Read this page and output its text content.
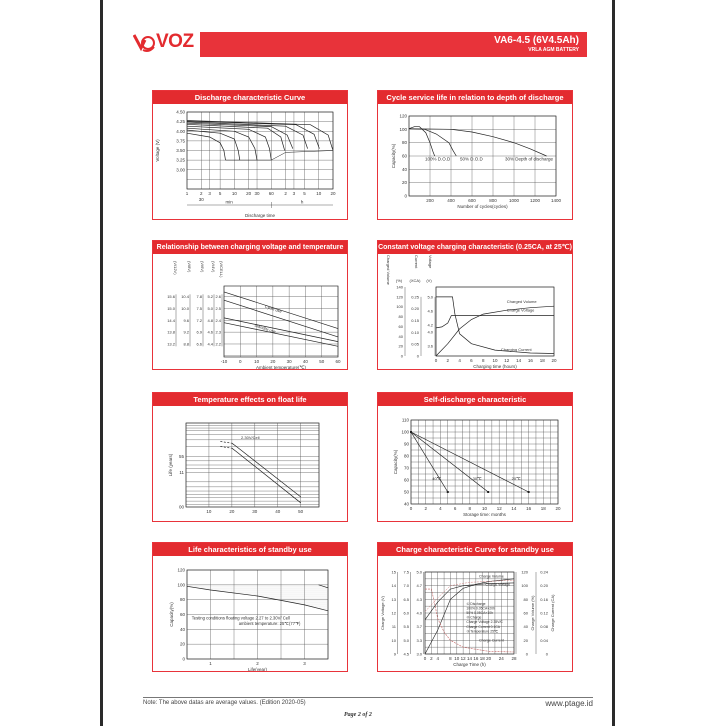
VOZ	VA6-4.5 (6V4.5Ah)
VRLA AGM BATTERY
Discharge characteristic Curve
1	2 3 5 10 20 30 60 2 3 5 10 20
4.50
4.25
4.00
3.75
3.50
3.25
3.00
Discharge time
Voltage (V)
30	min	h
Cycle service life in relation to depth of discharge
200	400	600	800	1000 1200 1400
0
20
40
60
80
100
120
Number of cycles(cycles)
Capacity(%)	100% D.O.D 50% D.O.D	30% Depth of discharge
Relationship between charging voltage and temperature
-10	0	10	20	30	40	50	60
Ambient temperature(℃)
(V/12V)
15.6
15.0
14.4
13.8
13.2
(V/8V)
10.4
10.0
9.6
9.2
8.8
(V/6V)
7.8
7.5
7.2
6.9
6.6
(V/4V)
5.2
5.0
4.8
4.6
4.4
(V/CELL)
2.6
2.5
2.4
2.3
2.2
Cycle use
Standby use
Constant voltage charging characteristic (0.25CA, at 25℃)
0 2 4 6 8 10 12 14 16 18 20
Charging time (hours)
Charged Volume (%)
0
20
40
60
80
100
120
140
Current
(XCA)
0
0.05
0.10
0.15
0.20
0.25
Voltage
(V)
3.6
4.0
4.2
4.6
5.0
Charged Volume
Charge Voltage
Charging Current
Temperature effects on float life
10	20	30	40	50
55
11
00
Life (years)
2.30V/Cell
Self-discharge characteristic
0	2	4	6	8 10 12 14 16 18 20
40
50
60
70
80
90
100
110
Storage time: months
Capacity(%)
40℃	30℃	20℃
Life characteristics of standby use
1	2	3
0
20
40
60
80
100
120
Life(year)
Capacity(%)	Testing conditions floating voltage 2.27 to 2.30V/ Cell
ambient temperature: 25℃(77℉)
Charge characteristic Curve for standby use
0 2 4 8 10 12 14 16 18 20 24 28
Charge Time (h)
9
10
11
12
13
14
15
4.5
5.0
5.5
6.0
6.5
7.0
7.5
3.0
3.3
3.7
4.0
4.3
4.7
5.0
Charge Voltage (V)
0
20
40
60
80
100
120
Charge Volume (%)
0
0.04
0.08
0.12
0.16
0.20
0.24
Charge Current (CA)
Charge Volume
Charge Voltage
Charge Current
① Discharge
100% 0.05CA×20h
50% 0.05CA×10h
② Charge
Charge Voltage 2.35V/C
Charge Current 0.1CA
③ Temperature 25℃
Note: The above datas are average values. (Edition 2020-05)	www.ptage.id
Page 2 of 2
